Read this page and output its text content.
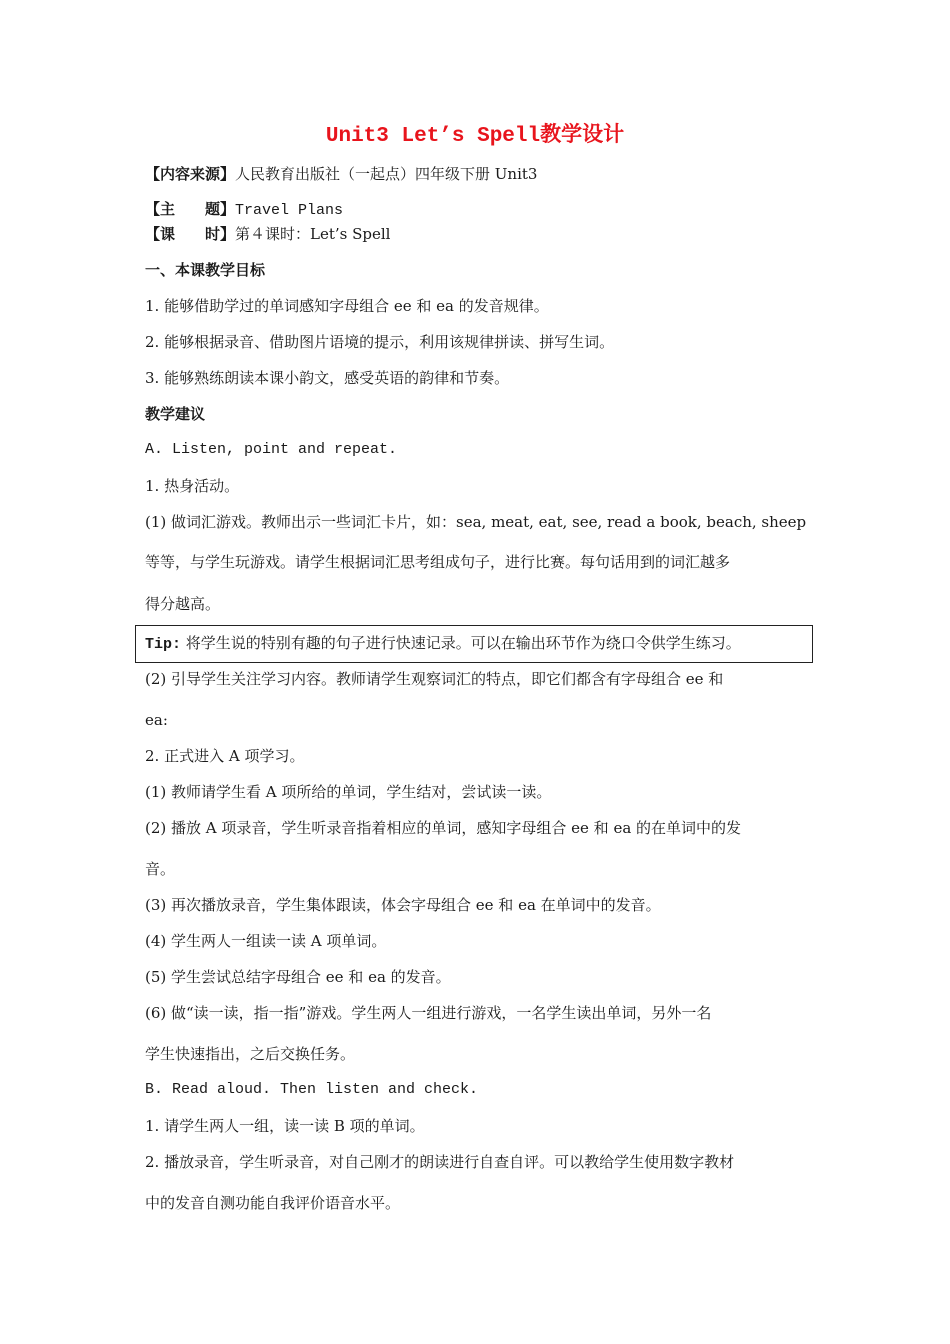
Unit3 Let’s Spell教学设计
【内容来源】人民教育出版社（一起点）四年级下册 Unit3
【主　　题】Travel Plans
【课　　时】第４课时：Let’s Spell
一、本课教学目标
1. 能够借助学过的单词感知字母组合 ee 和 ea 的发音规律。
2. 能够根据录音、借助图片语境的提示，利用该规律拼读、拼写生词。
3. 能够熟练朗读本课小韵文，感受英语的韵律和节奏。
教学建议
A. Listen, point and repeat.
1. 热身活动。
(1) 做词汇游戏。教师出示一些词汇卡片，如：sea, meat, eat, see, read a book, beach, sheep
等等，与学生玩游戏。请学生根据词汇思考组成句子，进行比赛。每句话用到的词汇越多
得分越高。
Tip: 将学生说的特别有趣的句子进行快速记录。可以在输出环节作为绕口令供学生练习。
(2) 引导学生关注学习内容。教师请学生观察词汇的特点，即它们都含有字母组合 ee 和
ea:
2. 正式进入 A 项学习。
(1) 教师请学生看 A 项所给的单词，学生结对，尝试读一读。
(2) 播放 A 项录音，学生听录音指着相应的单词，感知字母组合 ee 和 ea 的在单词中的发
音。
(3) 再次播放录音，学生集体跟读，体会字母组合 ee 和 ea 在单词中的发音。
(4) 学生两人一组读一读 A 项单词。
(5) 学生尝试总结字母组合 ee 和 ea 的发音。
(6) 做“读一读，指一指”游戏。学生两人一组进行游戏，一名学生读出单词，另外一名
学生快速指出，之后交换任务。
B. Read aloud. Then listen and check.
1. 请学生两人一组，读一读 B 项的单词。
2. 播放录音，学生听录音，对自己刚才的朗读进行自查自评。可以教给学生使用数字教材
中的发音自测功能自我评价语音水平。
